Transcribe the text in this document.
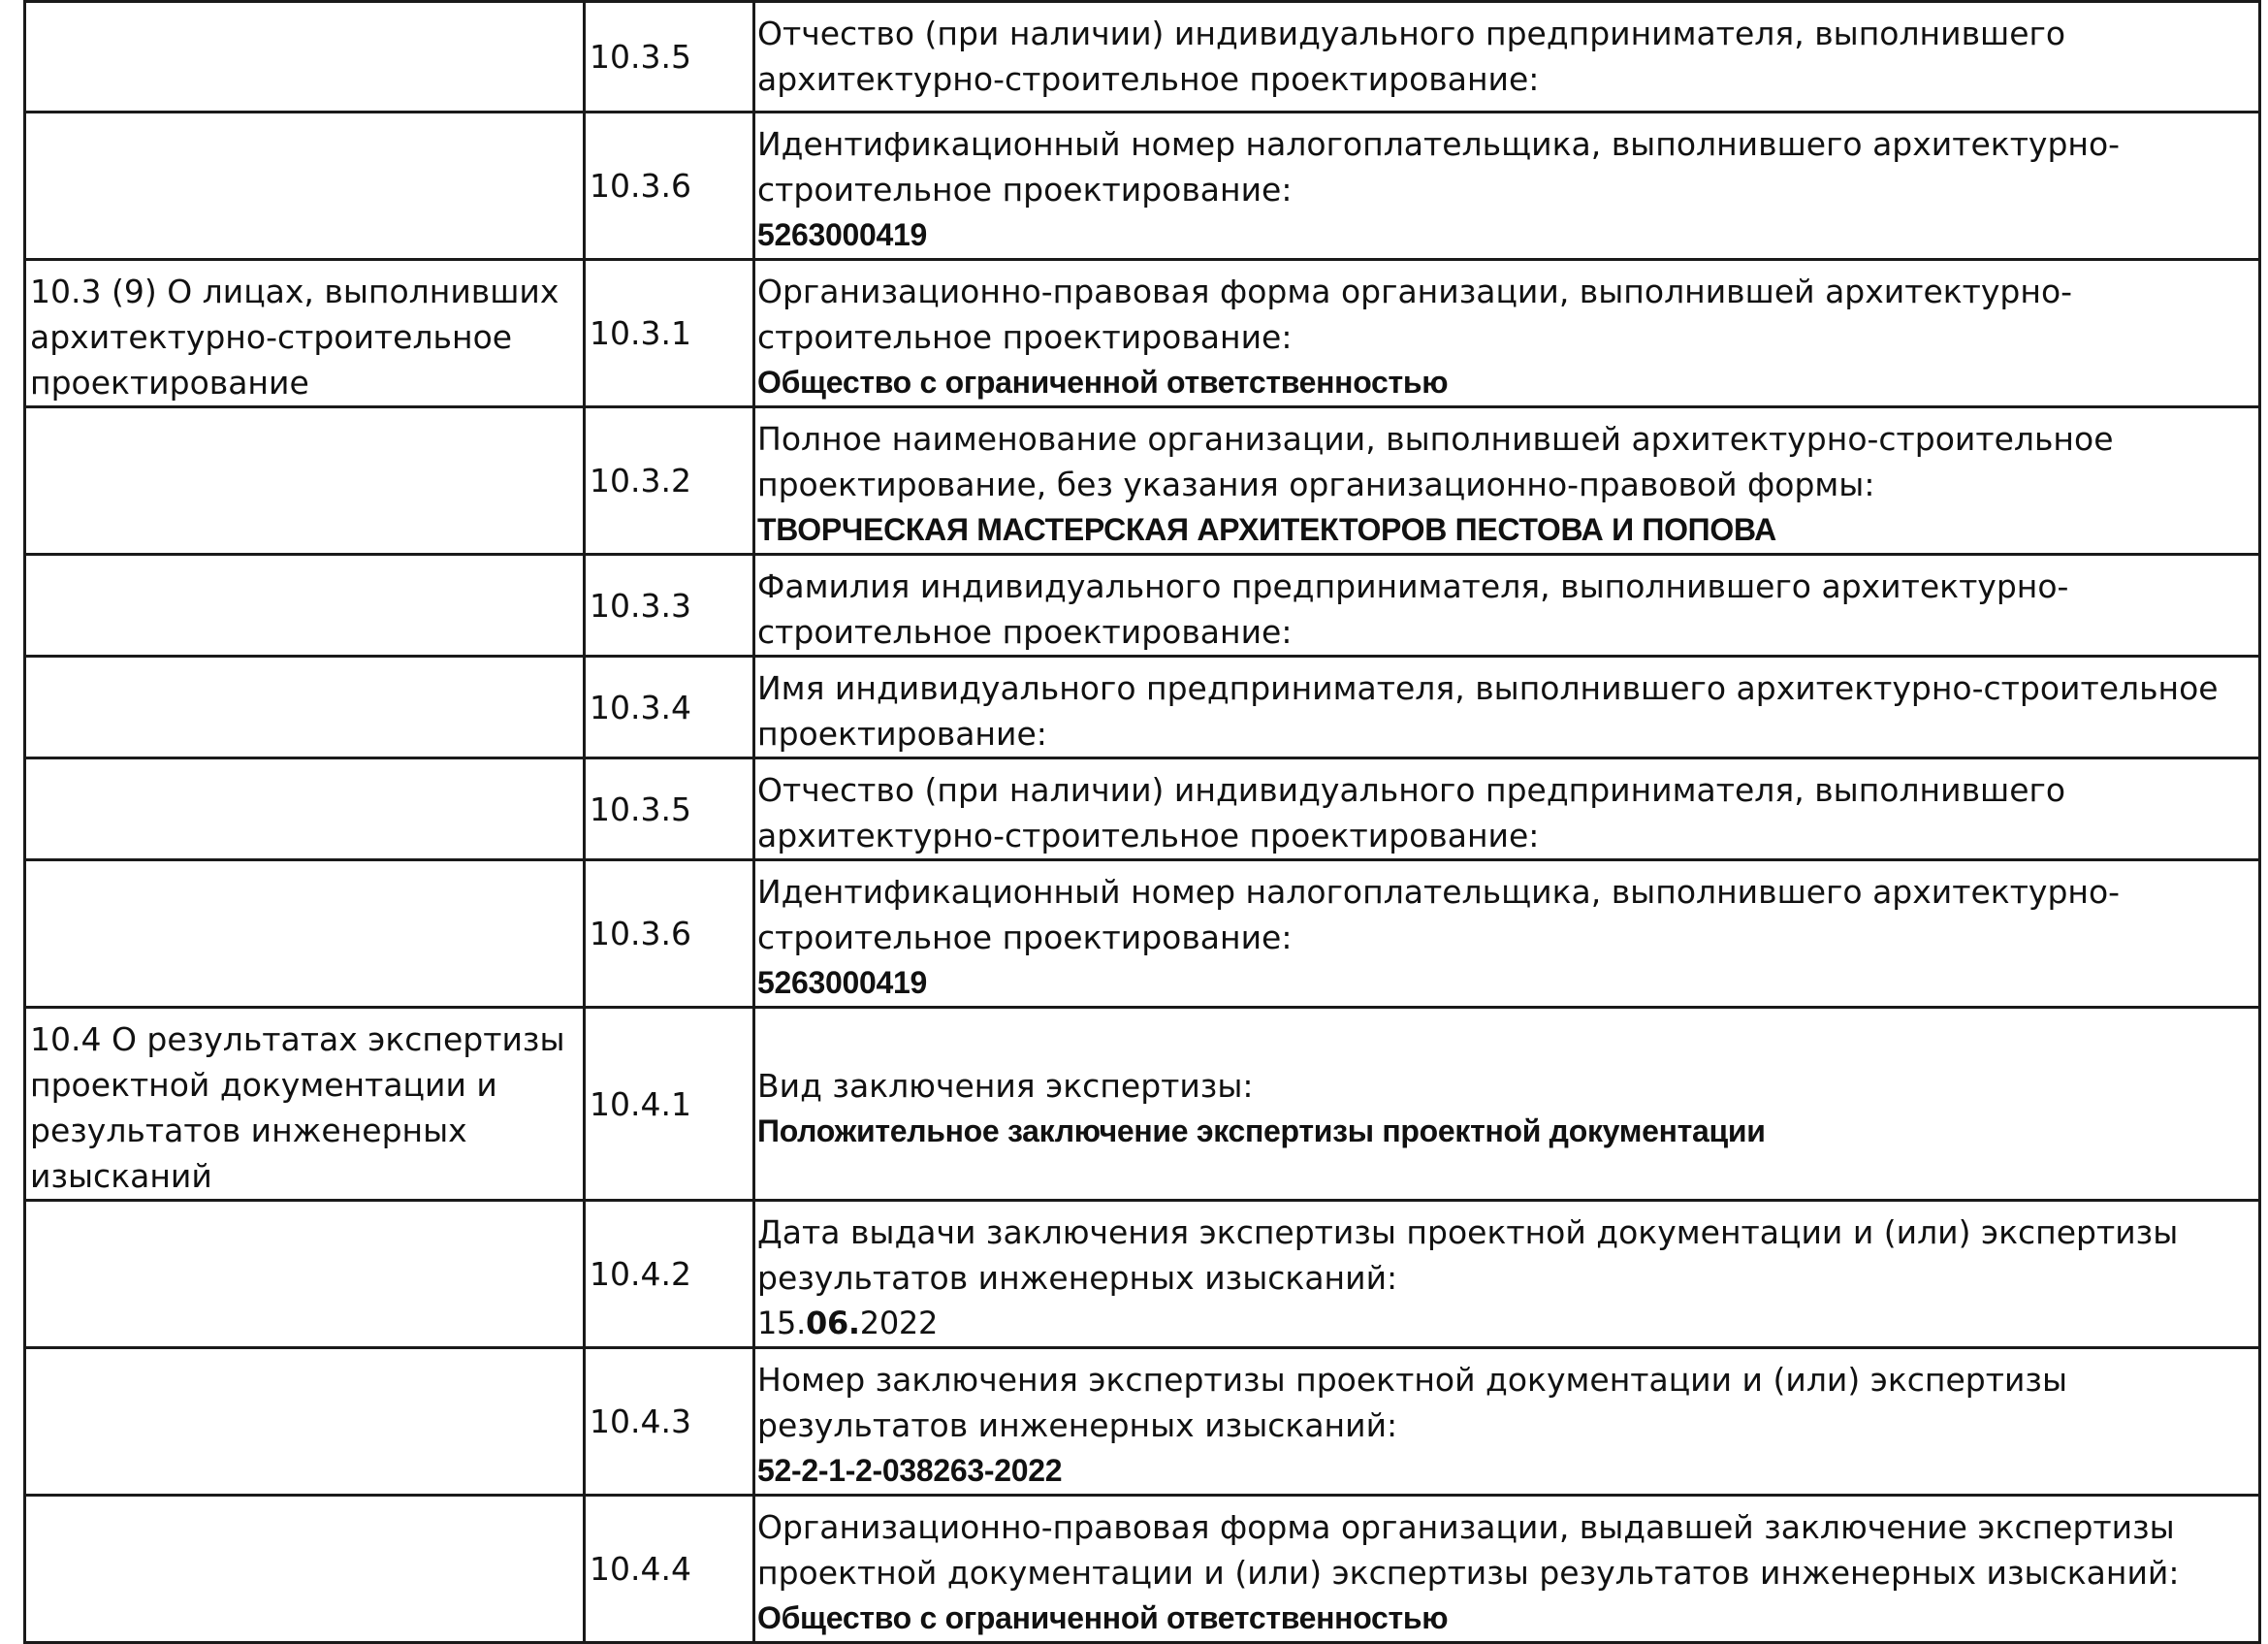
	10.3.5	Отчество (при наличии) индивидуального предпринимателя, выполнившего архитектурно-строительное проектирование:

	10.3.6	Идентификационный номер налогоплательщика, выполнившего архитектурно-строительное проектирование:
5263000419

10.3 (9) О лицах, выполнивших архитектурно-строительное проектирование	10.3.1	Организационно-правовая форма организации, выполнившей архитектурно-строительное проектирование:
Общество с ограниченной ответственностью

	10.3.2	Полное наименование организации, выполнившей архитектурно-строительное проектирование, без указания организационно-правовой формы:
ТВОРЧЕСКАЯ МАСТЕРСКАЯ АРХИТЕКТОРОВ ПЕСТОВА И ПОПОВА

	10.3.3	Фамилия индивидуального предпринимателя, выполнившего архитектурно-строительное проектирование:

	10.3.4	Имя индивидуального предпринимателя, выполнившего архитектурно-строительное проектирование:

	10.3.5	Отчество (при наличии) индивидуального предпринимателя, выполнившего архитектурно-строительное проектирование:

	10.3.6	Идентификационный номер налогоплательщика, выполнившего архитектурно-строительное проектирование:
5263000419

10.4 О результатах экспертизы проектной документации и результатов инженерных изысканий	10.4.1	Вид заключения экспертизы:
Положительное заключение экспертизы проектной документации

	10.4.2	Дата выдачи заключения экспертизы проектной документации и (или) экспертизы результатов инженерных изысканий:
15.06.2022

	10.4.3	Номер заключения экспертизы проектной документации и (или) экспертизы результатов инженерных изысканий:
52-2-1-2-038263-2022

	10.4.4	Организационно-правовая форма организации, выдавшей заключение экспертизы проектной документации и (или) экспертизы результатов инженерных изысканий:
Общество с ограниченной ответственностью
